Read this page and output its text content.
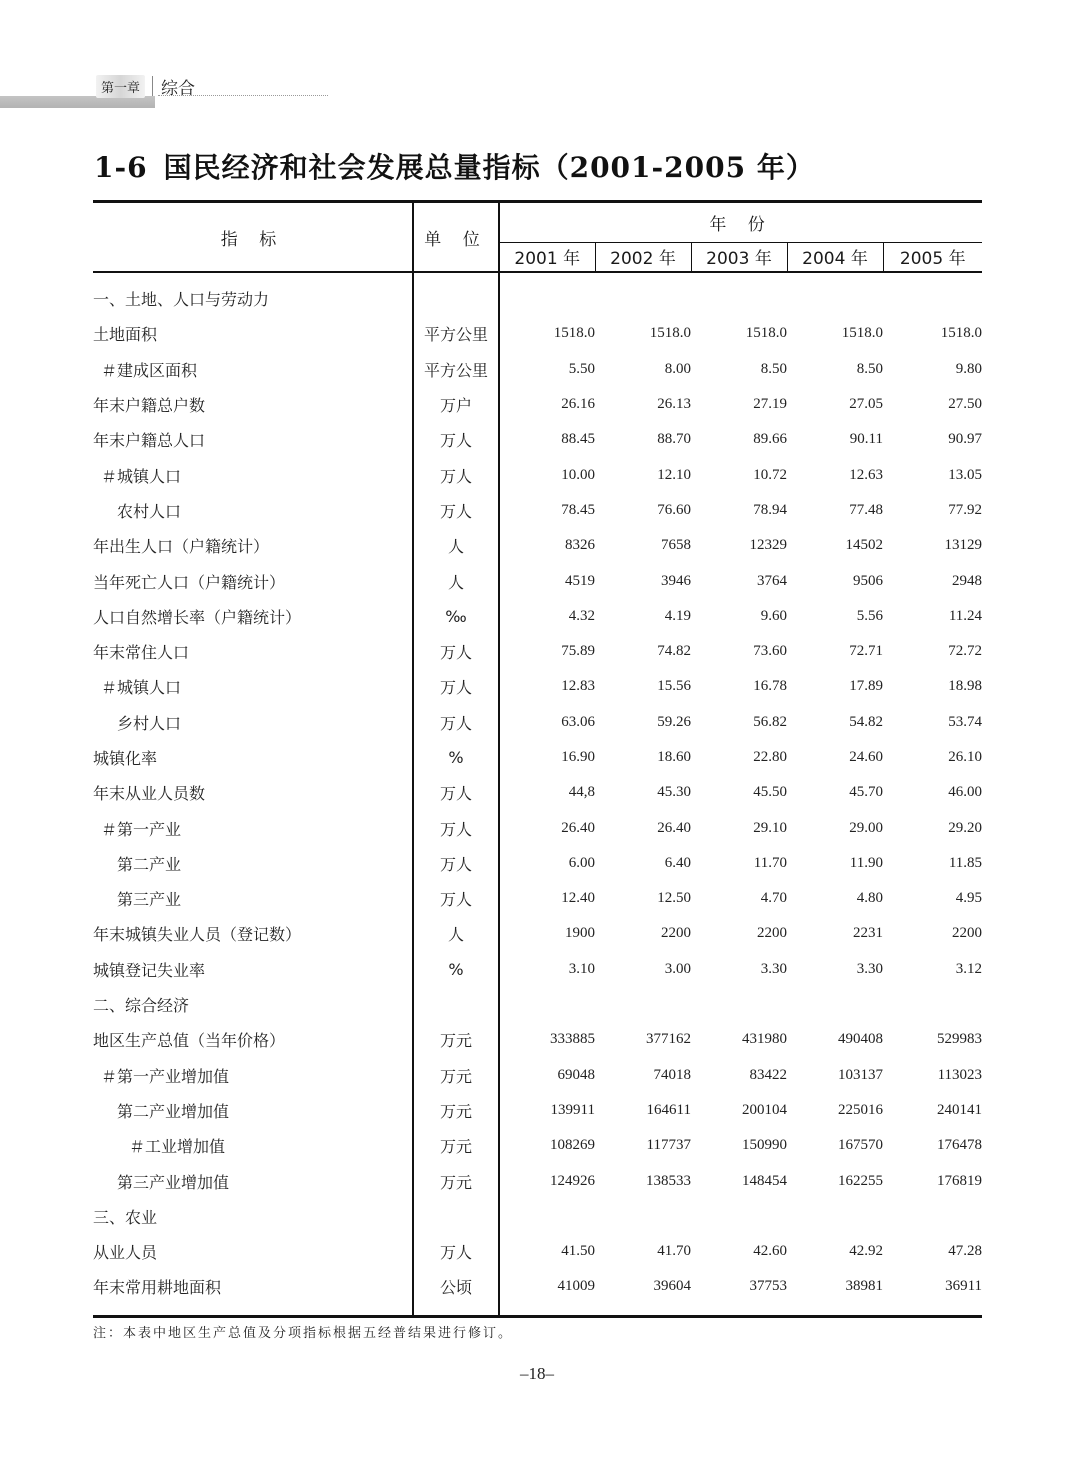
第一章 综合
1-6 国民经济和社会发展总量指标（2001-2005 年）
指 标	单 位	年 份				
		2001 年	2002 年	2003 年	2004 年	2005 年

一、土地、人口与劳动力						
土地面积	平方公里	1518.0	1518.0	1518.0	1518.0	1518.0
＃建成区面积	平方公里	5.50	8.00	8.50	8.50	9.80
年末户籍总户数	万户	26.16	26.13	27.19	27.05	27.50
年末户籍总人口	万人	88.45	88.70	89.66	90.11	90.97
＃城镇人口	万人	10.00	12.10	10.72	12.63	13.05
农村人口	万人	78.45	76.60	78.94	77.48	77.92
年出生人口（户籍统计）	人	8326	7658	12329	14502	13129
当年死亡人口（户籍统计）	人	4519	3946	3764	9506	2948
人口自然增长率（户籍统计）	‰	4.32	4.19	9.60	5.56	11.24
年末常住人口	万人	75.89	74.82	73.60	72.71	72.72
＃城镇人口	万人	12.83	15.56	16.78	17.89	18.98
乡村人口	万人	63.06	59.26	56.82	54.82	53.74
城镇化率	%	16.90	18.60	22.80	24.60	26.10
年末从业人员数	万人	44,8	45.30	45.50	45.70	46.00
＃第一产业	万人	26.40	26.40	29.10	29.00	29.20
第二产业	万人	6.00	6.40	11.70	11.90	11.85
第三产业	万人	12.40	12.50	4.70	4.80	4.95
年末城镇失业人员（登记数）	人	1900	2200	2200	2231	2200
城镇登记失业率	%	3.10	3.00	3.30	3.30	3.12
二、综合经济						
地区生产总值（当年价格）	万元	333885	377162	431980	490408	529983
＃第一产业增加值	万元	69048	74018	83422	103137	113023
第二产业增加值	万元	139911	164611	200104	225016	240141
＃工业增加值	万元	108269	117737	150990	167570	176478
第三产业增加值	万元	124926	138533	148454	162255	176819
三、农业						
从业人员	万人	41.50	41.70	42.60	42.92	47.28
年末常用耕地面积	公顷	41009	39604	37753	38981	36911

注：本表中地区生产总值及分项指标根据五经普结果进行修订。
–18–
